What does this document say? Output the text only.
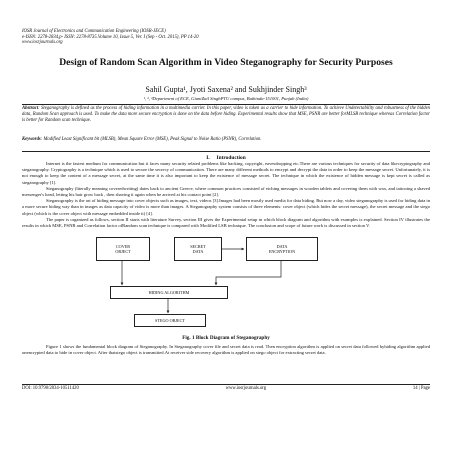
IOSR Journal of Electronics and Communication Engineering (IOSR-JECE)
e-ISSN: 2278-2834,p- ISSN: 2278-8735.Volume 10, Issue 5, Ver. I (Sep - Oct. 2015), PP 14-20
www.iosrjournals.org
Design of Random Scan Algorithm in Video Steganography for Security Purposes
Sahil Gupta¹, Jyoti Saxena² and Sukhjinder Singh³
¹, ², ³Department of ECE, GianiZail SinghPTU campus, Bathinda-151001, Punjab (India)
Abstract: Steganography is defined as the process of hiding information in a multimedia carrier. In this paper, video is taken as a carrier to hide information. To achieve Undetectability and robustness of the hidden data, Random Scan approach is used. To make the data more secure encryption is done on the data before hiding. Experimental results show that MSE, PSNR are better forMLSB technique whereas Correlation factor is better for Random scan technique.
Keywords: Modified Least Significant bit (MLSB), Mean Square Error (MSE), Peak Signal to Noise Ratio (PSNR), Correlation.
I. Introduction

Internet is the fastest medium for communication but it faces many security related problems like hacking, copyright, eavesdropping etc.There are various techniques for security of data likecryptography and steganography. Cryptography is a technique which is used to secure the secrecy of communication. There are many different methods to encrypt and decrypt the data in order to keep the message secret. Unfortunately, it is not enough to keep the content of a message secret, at the same time it is also important to keep the existence of message secret. The technique in which the existence of hidden message is kept secret is called as steganography [1].

Steganography (literally meaning coveredwriting) dates back to ancient Greece, where common practices consisted of etching messages in wooden tablets and covering them with wax, and tattooing a shaved messenger's head, letting his hair grow back , then shaving it again when he arrived at his contact point [2].

Steganography is the art of hiding message into cover objects such as images, text, videos [3].Images had been mostly used media for data hiding. But now a day, video steganography is used for hiding data in a more secure hiding way than in images as data capacity of video is more than images. A Steganography system consists of three elements: cover object (which hides the secret message), the secret message and the stego object (which is the cover object with message embedded inside it) [4].

The paper is organized as follows, section II starts with literature Survey, section III gives the Experimental setup in which block diagram and algorithm with examples is explained. Section IV illustrates the results in which MSE, PSNR and Correlation factor ofRandom scan technique is compared with Modified LSB technique. The conclusion and scope of future work is discussed in section V.

COVER
OBJECT
SECRET
DATA
DATA
ENCRYPTION
HIDING ALGORITHM
STEGO OBJECT
Fig. 1 Block Diagram of Steganography

Figure 1 shows the fundamental block diagram of Steganography. In Steganography cover file and secret data is read. Then encryption algorithm is applied on secret data followed byhiding algorithm applied onencrypted data to hide in cover object. After thatstego object is transmitted.At receiver side recovery algorithm is applied on stego object for extracting secret data.

DOI: 10.9790/2834-10511420	www.iosrjournals.org	14 | Page
